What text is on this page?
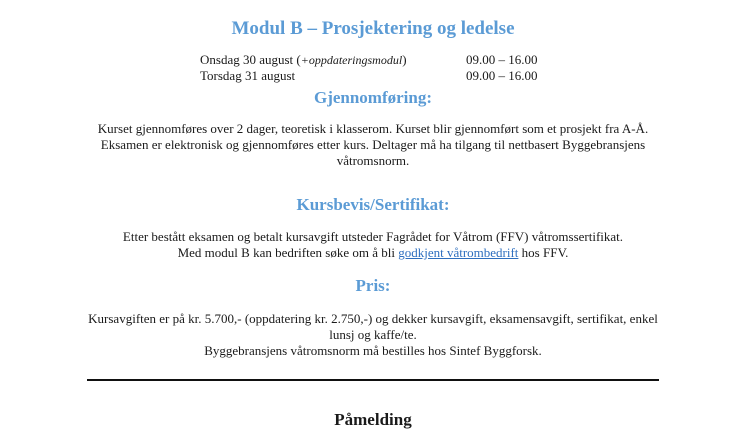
Modul B – Prosjektering og ledelse
Onsdag 30 august (+oppdateringsmodul)	09.00 – 16.00
Torsdag 31 august	09.00 – 16.00
Gjennomføring:
Kurset gjennomføres over 2 dager, teoretisk i klasserom. Kurset blir gjennomført som et prosjekt fra A-Å. Eksamen er elektronisk og gjennomføres etter kurs. Deltager må ha tilgang til nettbasert Byggebransjens våtromsnorm.
Kursbevis/Sertifikat:
Etter bestått eksamen og betalt kursavgift utsteder Fagrådet for Våtrom (FFV) våtromssertifikat.
Med modul B kan bedriften søke om å bli godkjent våtrombedrift hos FFV.
Pris:
Kursavgiften er på kr. 5.700,- (oppdatering kr. 2.750,-) og dekker kursavgift, eksamensavgift, sertifikat, enkel lunsj og kaffe/te.
Byggebransjens våtromsnorm må bestilles hos Sintef Byggforsk.
Påmelding
